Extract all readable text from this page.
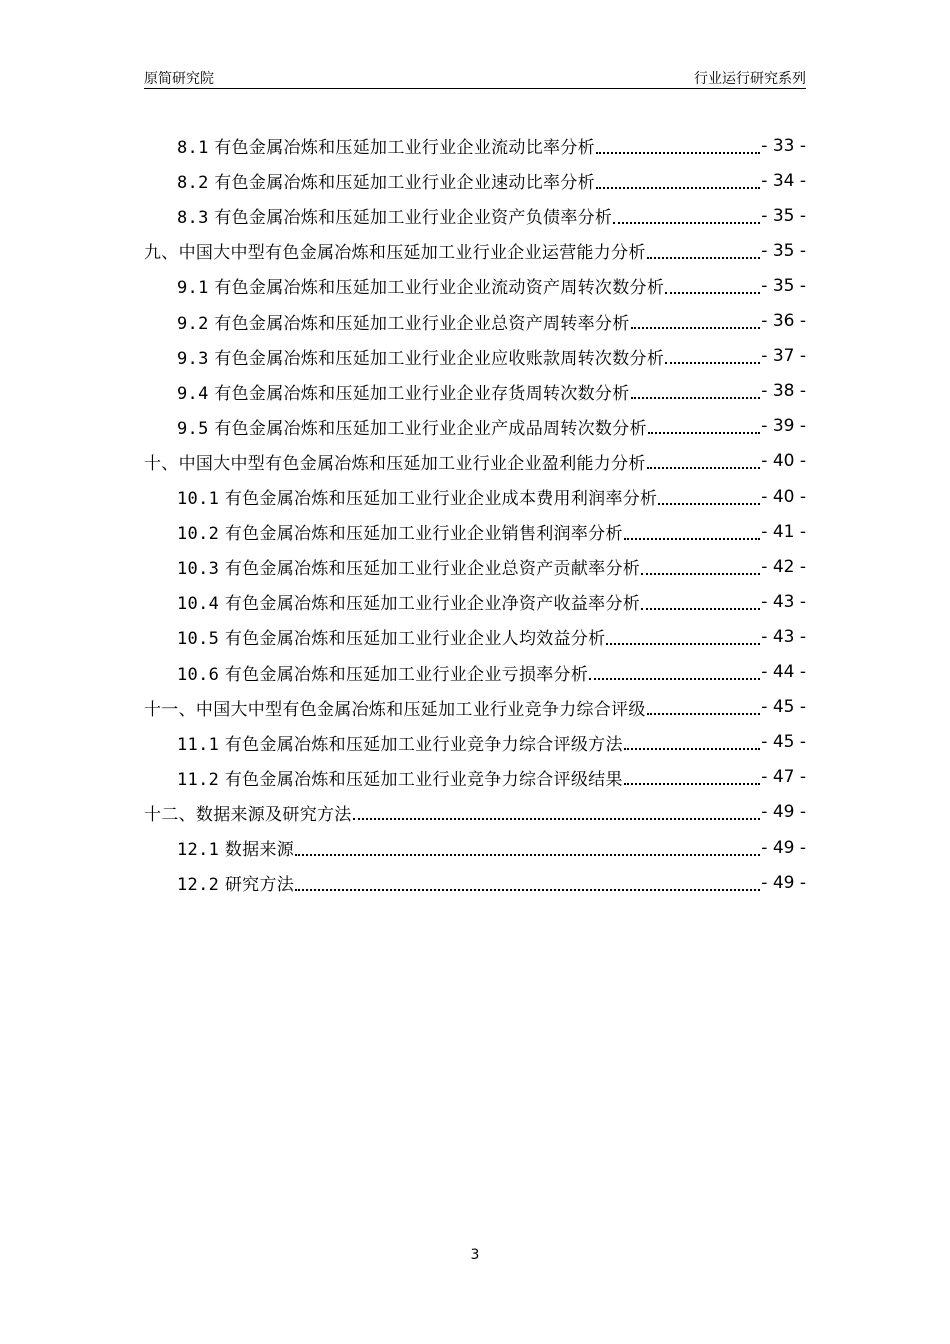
原简研究院	行业运行研究系列
8.1 有色金属冶炼和压延加工业行业企业流动比率分析	- 33 -
8.2 有色金属冶炼和压延加工业行业企业速动比率分析	- 34 -
8.3 有色金属冶炼和压延加工业行业企业资产负债率分析	- 35 -
九、中国大中型有色金属冶炼和压延加工业行业企业运营能力分析	- 35 -
9.1 有色金属冶炼和压延加工业行业企业流动资产周转次数分析	- 35 -
9.2 有色金属冶炼和压延加工业行业企业总资产周转率分析	- 36 -
9.3 有色金属冶炼和压延加工业行业企业应收账款周转次数分析	- 37 -
9.4 有色金属冶炼和压延加工业行业企业存货周转次数分析	- 38 -
9.5 有色金属冶炼和压延加工业行业企业产成品周转次数分析	- 39 -
十、中国大中型有色金属冶炼和压延加工业行业企业盈利能力分析	- 40 -
10.1 有色金属冶炼和压延加工业行业企业成本费用利润率分析	- 40 -
10.2 有色金属冶炼和压延加工业行业企业销售利润率分析	- 41 -
10.3 有色金属冶炼和压延加工业行业企业总资产贡献率分析	- 42 -
10.4 有色金属冶炼和压延加工业行业企业净资产收益率分析	- 43 -
10.5 有色金属冶炼和压延加工业行业企业人均效益分析	- 43 -
10.6 有色金属冶炼和压延加工业行业企业亏损率分析	- 44 -
十一、中国大中型有色金属冶炼和压延加工业行业竞争力综合评级	- 45 -
11.1 有色金属冶炼和压延加工业行业竞争力综合评级方法	- 45 -
11.2 有色金属冶炼和压延加工业行业竞争力综合评级结果	- 47 -
十二、数据来源及研究方法	- 49 -
12.1 数据来源	- 49 -
12.2 研究方法	- 49 -
3
